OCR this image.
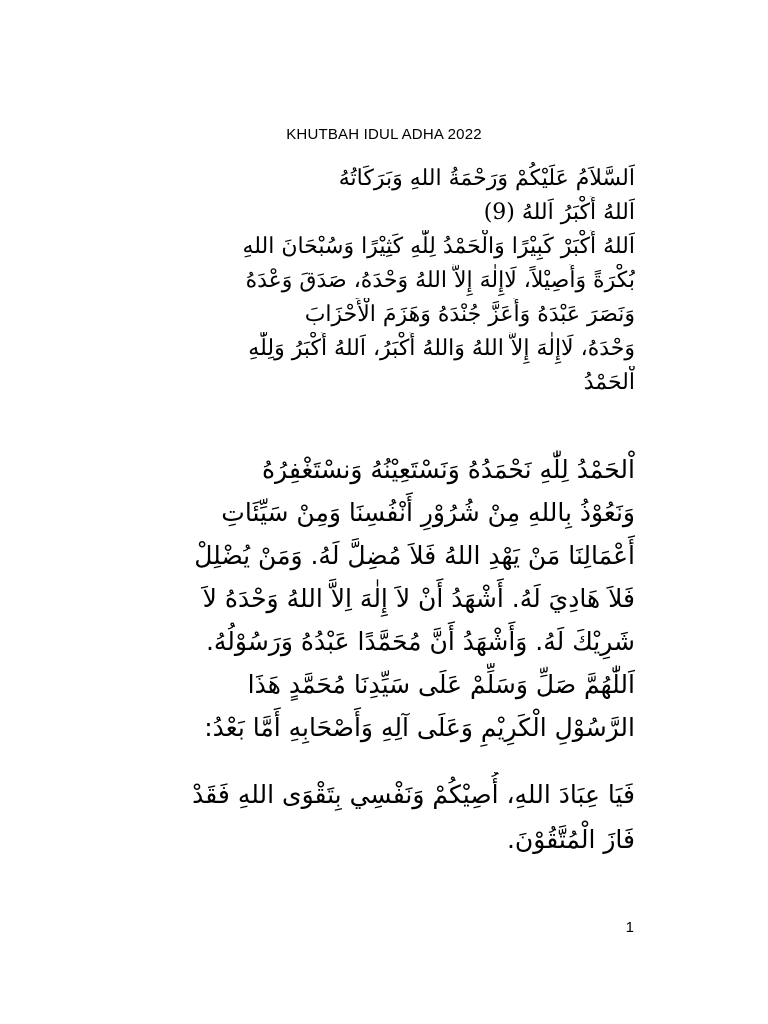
KHUTBAH IDUL ADHA 2022
اَلسَّلاَمُ عَلَيْكُمْ وَرَحْمَةُ اللهِ وَبَرَكَاتُهُ
اَللهُ أَكْبَرُ اَللهُ (9)
اَللهُ أَكْبَرْ كَبِيْرًا وَالْحَمْدُ لِلّٰهِ كَثِيْرًا وَسُبْحَانَ اللهِ
بُكْرَةً وَأَصِيْلاً، لَاإِلٰهَ إِلاَّ اللهُ وَحْدَهُ، صَدَقَ وَعْدَهُ
وَنَصَرَ عَبْدَهُ وَأَعَزَّ جُنْدَهُ وَهَزَمَ الْأَحْزَابَ
وَحْدَهُ، لَاإِلٰهَ إِلاَّ اللهُ وَاللهُ أَكْبَرُ، اَللهُ أَكْبَرُ وَلِلّٰهِ
اْلحَمْدُ
اْلحَمْدُ لِلّٰهِ نَحْمَدُهُ وَنَسْتَعِيْنُهُ وَنسْتَغْفِرُهُ
وَنَعُوْذُ بِاللهِ مِنْ شُرُوْرِ أَنْفُسِنَا وَمِنْ سَيِّئَاتِ
أَعْمَالِنَا مَنْ يَهْدِ اللهُ فَلاَ مُضِلَّ لَهُ. وَمَنْ يُضْلِلْ
فَلاَ هَادِيَ لَهُ. أَشْهَدُ أَنْ لاَ إِلٰهَ اِلاَّ اللهُ وَحْدَهُ لاَ
شَرِيْكَ لَهُ. وَأَشْهَدُ أَنَّ مُحَمَّدًا عَبْدُهُ وَرَسُوْلُهُ.
اَللّٰهُمَّ صَلِّ وَسَلِّمْ عَلَى سَيِّدِنَا مُحَمَّدٍ هَذَا
الرَّسُوْلِ الْكَرِيْمِ وَعَلَى آلِهِ وَأَصْحَابِهِ أَمَّا بَعْدُ:
فَيَا عِبَادَ اللهِ، أُصِيْكُمْ وَنَفْسِي بِتَقْوَى اللهِ فَقَدْ
فَازَ الْمُتَّقُوْنَ.
1
